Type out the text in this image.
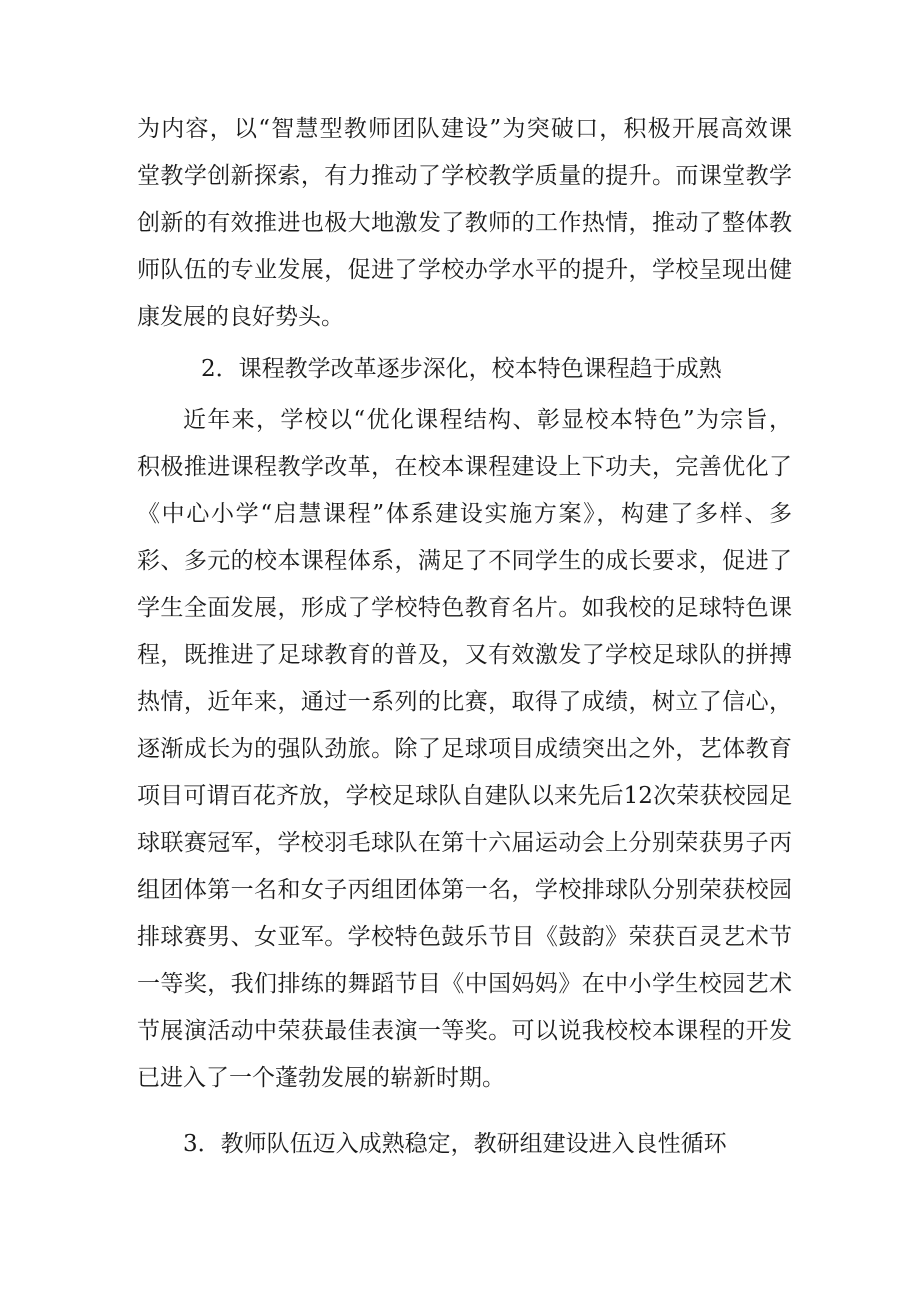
为内容，以“智慧型教师团队建设”为突破口，积极开展高效课
堂教学创新探索，有力推动了学校教学质量的提升。而课堂教学
创新的有效推进也极大地激发了教师的工作热情，推动了整体教
师队伍的专业发展，促进了学校办学水平的提升，学校呈现出健
康发展的良好势头。
2．课程教学改革逐步深化，校本特色课程趋于成熟
近年来，学校以“优化课程结构、彰显校本特色”为宗旨，
积极推进课程教学改革，在校本课程建设上下功夫，完善优化了
《中心小学“启慧课程”体系建设实施方案》，构建了多样、多
彩、多元的校本课程体系，满足了不同学生的成长要求，促进了
学生全面发展，形成了学校特色教育名片。如我校的足球特色课
程，既推进了足球教育的普及，又有效激发了学校足球队的拼搏
热情，近年来，通过一系列的比赛，取得了成绩，树立了信心，
逐渐成长为的强队劲旅。除了足球项目成绩突出之外，艺体教育
项目可谓百花齐放，学校足球队自建队以来先后12次荣获校园足
球联赛冠军，学校羽毛球队在第十六届运动会上分别荣获男子丙
组团体第一名和女子丙组团体第一名，学校排球队分别荣获校园
排球赛男、女亚军。学校特色鼓乐节目《鼓韵》荣获百灵艺术节
一等奖，我们排练的舞蹈节目《中国妈妈》在中小学生校园艺术
节展演活动中荣获最佳表演一等奖。可以说我校校本课程的开发
已进入了一个蓬勃发展的崭新时期。
3．教师队伍迈入成熟稳定，教研组建设进入良性循环
